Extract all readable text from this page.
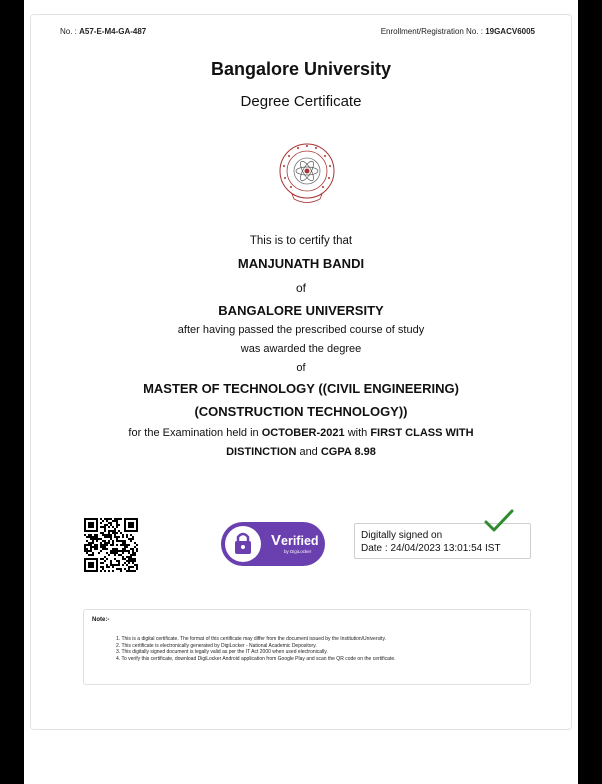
No. : A57-E-M4-GA-487	Enrollment/Registration No. : 19GACV6005
Bangalore University
Degree Certificate
This is to certify that
MANJUNATH BANDI
of
BANGALORE UNIVERSITY
after having passed the prescribed course of study
was awarded the degree
of
MASTER OF TECHNOLOGY ((CIVIL ENGINEERING)
(CONSTRUCTION TECHNOLOGY))
for the Examination held in OCTOBER-2021 with FIRST CLASS WITH
DISTINCTION and CGPA 8.98
Verified
by DigiLocker
Digitally signed on
Date : 24/04/2023 13:01:54 IST
Note:-
1. This is a digital certificate. The format of this certificate may differ from the document issued by the Institution/University.
2. This certificate is electronically generated by DigiLocker - National Academic Depository.
3. This digitally signed document is legally valid as per the IT Act 2000 when used electronically.
4. To verify this certificate, download DigiLocker Android application from Google Play and scan the QR code on the certificate.
